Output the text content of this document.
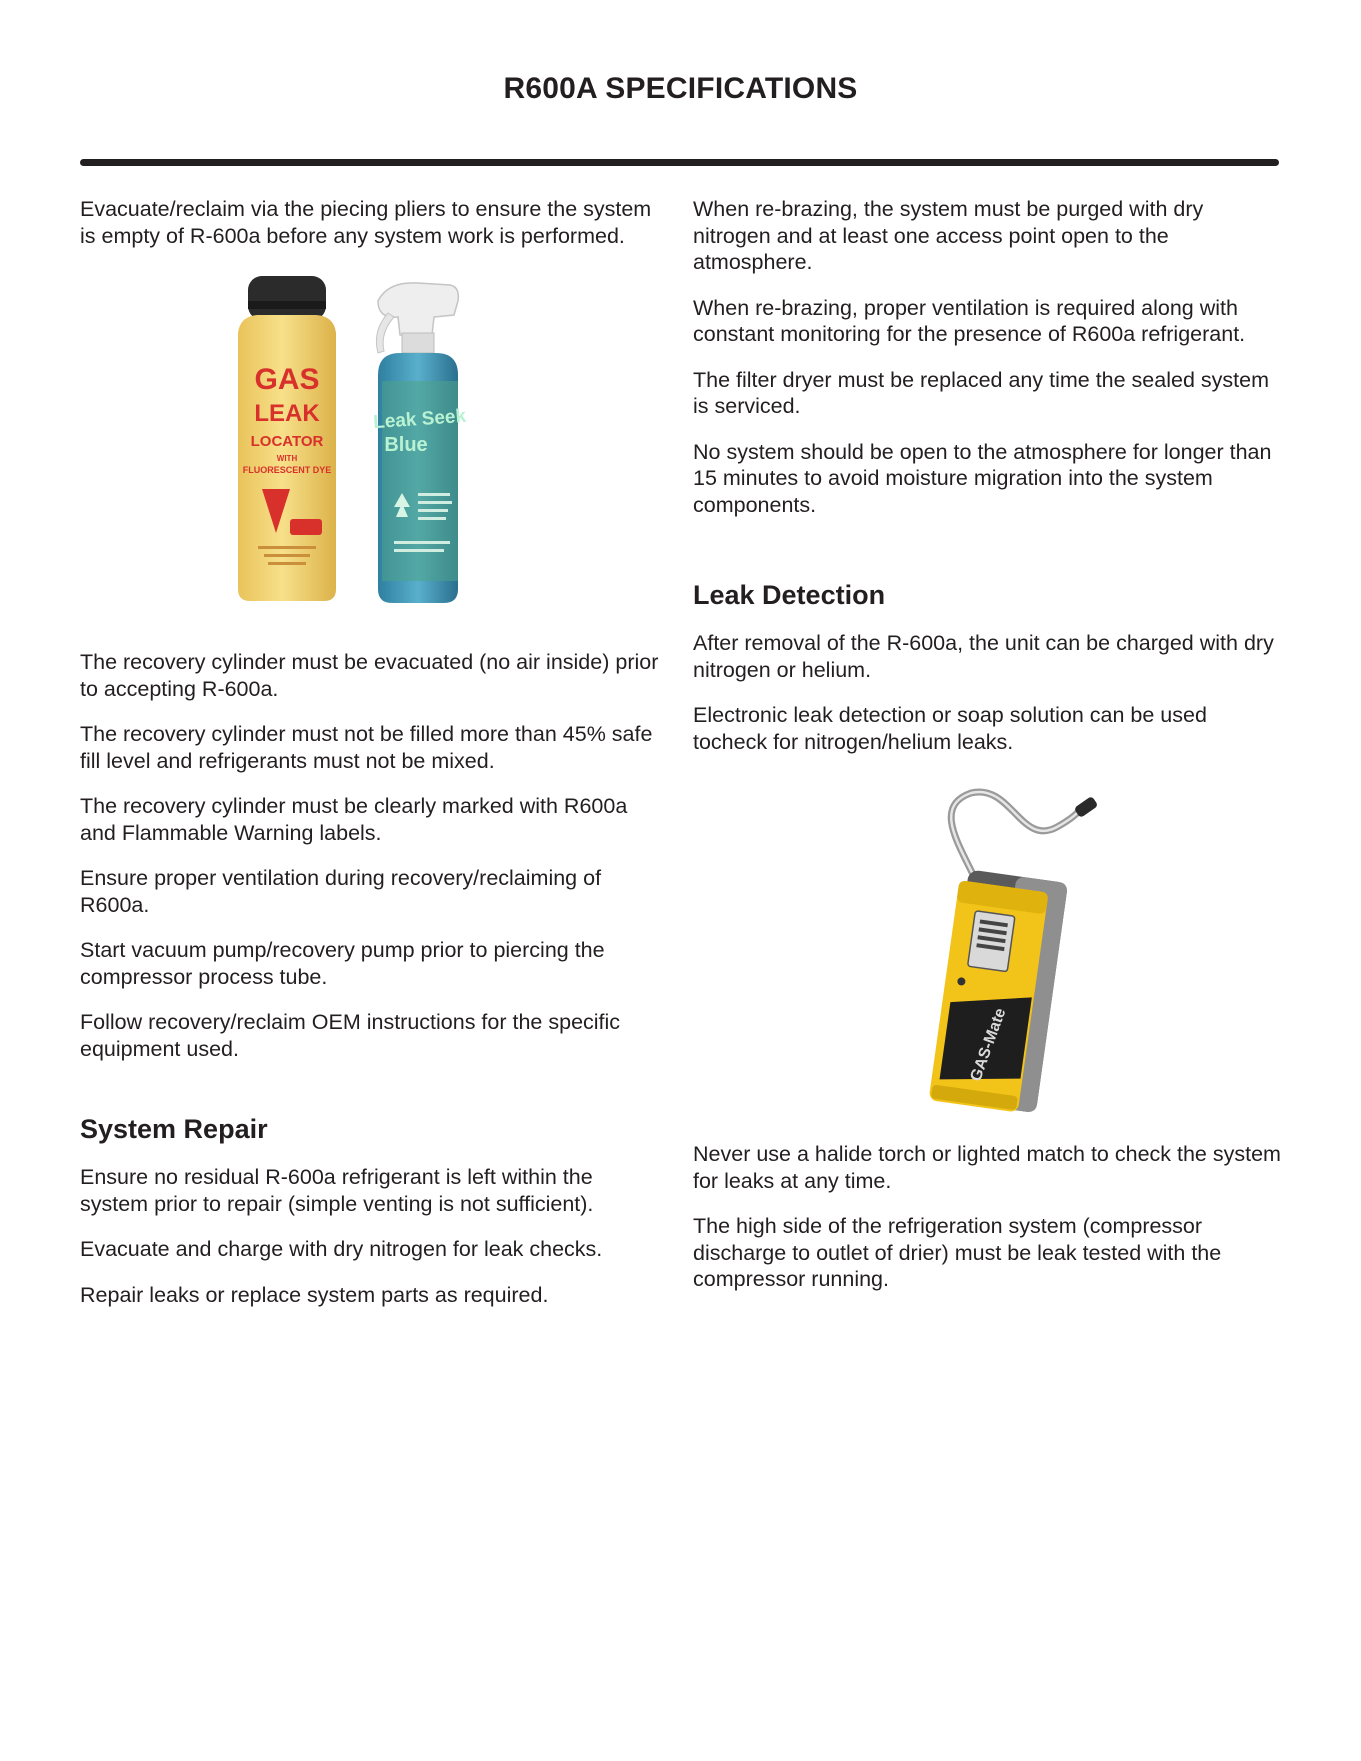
R600A SPECIFICATIONS

Evacuate/reclaim via the piecing pliers to ensure the system is empty of R-600a before any system work is performed.

GAS
LEAK
LOCATOR
WITH
FLUORESCENT DYE
Leak Seek
Blue

The recovery cylinder must be evacuated (no air inside) prior to accepting R-600a.

The recovery cylinder must not be filled more than 45% safe fill level and refrigerants must not be mixed.

The recovery cylinder must be clearly marked with R600a and Flammable Warning labels.

Ensure proper ventilation during recovery/reclaiming of R600a.

Start vacuum pump/recovery pump prior to piercing the compressor process tube.

Follow recovery/reclaim OEM instructions for the specific equipment used.

System Repair

Ensure no residual R-600a refrigerant is left within the system prior to repair (simple venting is not sufficient).

Evacuate and charge with dry nitrogen for leak checks.

Repair leaks or replace system parts as required.

When re-brazing, the system must be purged with dry      nitrogen and at least one access point open to the atmosphere.

When re-brazing, proper ventilation is required along with constant monitoring for the presence of R600a refrigerant.

The filter dryer must be replaced any time the sealed system is serviced.

No system should be open to the atmosphere for longer than 15 minutes to avoid moisture migration into the system components.

Leak Detection

After removal of the R-600a, the unit can be charged with dry nitrogen or helium.

Electronic leak detection or soap solution can be used tocheck for nitrogen/helium leaks.

GAS-Mate

Never use a halide torch or lighted match to check the system for leaks at any time.

The high side of the refrigeration system (compressor discharge to outlet of drier) must be leak tested with the compressor running.
